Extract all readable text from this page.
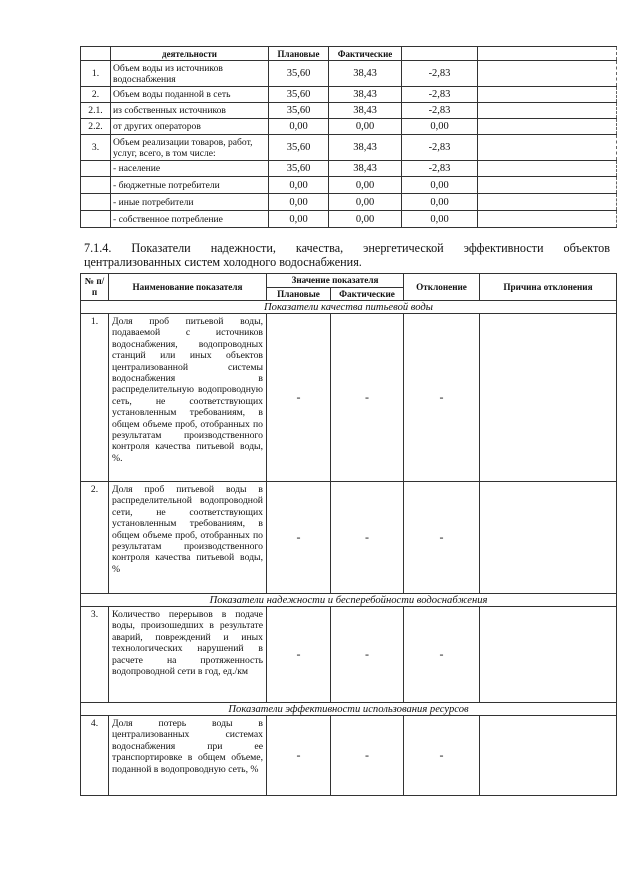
	деятельности	Плановые	Фактические		
1.	Объем воды из источников водоснабжения	35,60	38,43	-2,83	
2.	Объем воды поданной в сеть	35,60	38,43	-2,83	
2.1.	из собственных источников	35,60	38,43	-2,83	
2.2.	от других операторов	0,00	0,00	0,00	
3.	Объем реализации товаров, работ, услуг, всего, в том числе:	35,60	38,43	-2,83	
	- население	35,60	38,43	-2,83	
	- бюджетные потребители	0,00	0,00	0,00	
	- иные потребители	0,00	0,00	0,00	
	- собственное потребление	0,00	0,00	0,00	
7.1.4. Показатели надежности, качества, энергетической эффективности объектов
централизованных систем холодного водоснабжения.
№ п/п	Наименование показателя	Значение показателя		Отклонение	Причина отклонения
		Плановые	Фактические		
Показатели качества питьевой воды					
1.	Доля проб питьевой воды, подаваемой с источников водоснабжения, водопроводных станций или иных объектов централизованной системы водоснабжения в распределительную водопроводную сеть, не соответствующих установленным требованиям, в общем объеме проб, отобранных по результатам производственного контроля качества питьевой воды, %.	-	-	-	
2.	Доля проб питьевой воды в распределительной водопроводной сети, не соответствующих установленным требованиям, в общем объеме проб, отобранных по результатам производственного контроля качества питьевой воды, %	-	-	-	
Показатели надежности и бесперебойности водоснабжения					
3.	Количество перерывов в подаче воды, произошедших в результате аварий, повреждений и иных технологических нарушений в расчете на протяженность водопроводной сети в год, ед./км	-	-	-	
Показатели эффективности использования ресурсов					
4.	Доля потерь воды в централизованных системах водоснабжения при ее транспортировке в общем объеме, поданной в водопроводную сеть, %	-	-	-	
